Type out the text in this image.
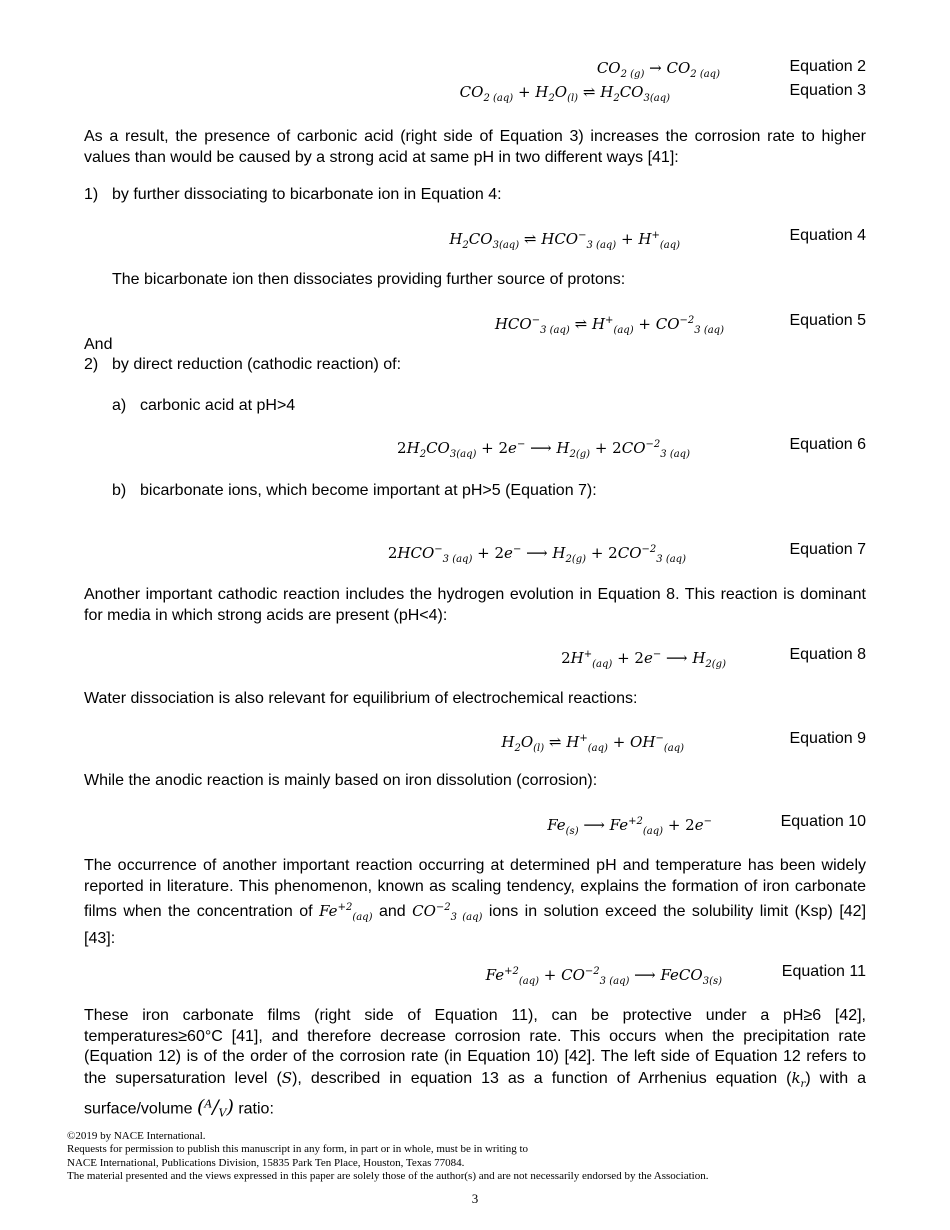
$CO_2$ $_{(g)} \to CO_2$ $_{(aq)}$	Equation 2
$CO_2$ $_{(aq)} + H_2O_{(l)}$ ⇌ $H_2CO_{3(aq)}$	Equation 3
As a result, the presence of carbonic acid (right side of Equation 3) increases the corrosion rate to higher values than would be caused by a strong acid at same pH in two different ways [41]:
1) by further dissociating to bicarbonate ion in Equation 4:
$H_2CO_{3(aq)}$ ⇌ $HCO^-_3$ $_{(aq)} + H^+_{(aq)}$
Equation 4
The bicarbonate ion then dissociates providing further source of protons:
$HCO^-_3$ $_{(aq)}$ ⇌ $H^+_{(aq)} + CO^{-2}_3$ $_{(aq)}$
Equation 5
And
2) by direct reduction (cathodic reaction) of:
a) carbonic acid at pH>4
$2H_2CO_{3(aq)} + 2e^-$ ⟶ $H_{2(g)} + 2CO^{-2}_3$ $_{(aq)}$
Equation 6
b) bicarbonate ions, which become important at pH>5 (Equation 7):
$2HCO^-_3$ $_{(aq)}$ + 2e− ⟶ $H_{2(g)} + 2CO^{-2}_3$ $_{(aq)}$
Equation 7
Another important cathodic reaction includes the hydrogen evolution in Equation 8. This reaction is dominant for media in which strong acids are present (pH<4):
$2H^+_{(aq)} + 2e^-$ ⟶ $H_{2(g)}$
Equation 8
Water dissociation is also relevant for equilibrium of electrochemical reactions:
$H_2O_{(l)}$ ⇌ $H^+_{(aq)} + OH^-_{(aq)}$
Equation 9
While the anodic reaction is mainly based on iron dissolution (corrosion):
$Fe_{(s)}$ ⟶ $Fe^{+2}_{(aq)} + 2e^-$	Equation 10
The occurrence of another important reaction occurring at determined pH and temperature has been widely reported in literature. This phenomenon, known as scaling tendency, explains the formation of iron carbonate films when the concentration of $Fe^{+2}_{(aq)}$ and $CO^{-2}_3$ $_{(aq)}$ ions in solution exceed the solubility limit (Ksp) [42] [43]:
$Fe^{+2}_{(aq)} + CO^{-2}_3$ $_{(aq)}$ ⟶ FeCO$_{3(s)}$
Equation 11
These iron carbonate films (right side of Equation 11), can be protective under a pH≥6 [42], temperatures≥60°C [41], and therefore decrease corrosion rate. This occurs when the precipitation rate (Equation 12) is of the order of the corrosion rate (in Equation 10) [42]. The left side of Equation 12 refers to the supersaturation level (S), described in equation 13 as a function of Arrhenius equation $(k_r)$ with a surface/volume $(^A/_V)$ ratio:
©2019 by NACE International.
Requests for permission to publish this manuscript in any form, in part or in whole, must be in writing to
NACE International, Publications Division, 15835 Park Ten Place, Houston, Texas 77084.
The material presented and the views expressed in this paper are solely those of the author(s) and are not necessarily endorsed by the Association.
3
